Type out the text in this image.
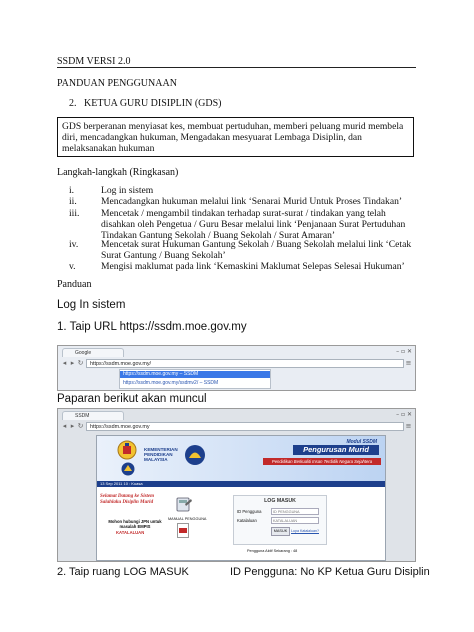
SSDM VERSI 2.0
PANDUAN PENGGUNAAN
2. KETUA GURU DISIPLIN (GDS)
GDS berperanan menyiasat kes, membuat pertuduhan, memberi peluang murid membela diri, mencadangkan hukuman, Mengadakan mesyuarat Lembaga Disiplin, dan melaksanakan hukuman
Langkah-langkah (Ringkasan)
i.	Log in sistem
ii.	Mencadangkan hukuman melalui link ‘Senarai Murid Untuk Proses Tindakan’
iii. Mencetak / mengambil tindakan terhadap surat-surat / tindakan yang telah disahkan oleh Pengetua / Guru Besar melalui link ‘Penjanaan Surat Pertuduhan Tindakan Gantung Sekolah / Buang Sekolah / Surat Amaran’
iv. Mencetak surat Hukuman Gantung Sekolah / Buang Sekolah melalui link ‘Cetak Surat Gantung / Buang Sekolah’
v.	Mengisi maklumat pada link ‘Kemaskini Maklumat Selepas Selesai Hukuman’
Panduan
Log In sistem
1. Taip URL https://ssdm.moe.gov.my
Google	– ▫ ✕
◂ ▸ ↻	https://ssdm.moe.gov.my/	≡
https://ssdm.moe.gov.my – SSDM
https://ssdm.moe.gov.my/ssdmv2/ – SSDM
Paparan berikut akan muncul
SSDM	– ▫ ✕
◂ ▸ ↻	https://ssdm.moe.gov.my	≡
KEMENTERIAN PENDIDIKAN MALAYSIA
Modul SSDM
Pengurusan Murid
Pendidikan Berkualiti Insan Terdidik Negara Sejahtera
13 Sep 2011 10 : Kuasa
Selamat Datang ke Sistem Salahlaku Disiplin Murid
Mohon hubungi JPN untuk masalah EMPIS
KATALALUAN
MANUAL PENGGUNA
LOG MASUK
ID Pengguna
ID PENGGUNA
Katalaluan
KATALALUAN
MASUK	Lupa Katalaluan?
Pengguna Aktif Sekarang : 48
2. Taip ruang LOG MASUK	ID Pengguna: No KP Ketua Guru Disiplin
